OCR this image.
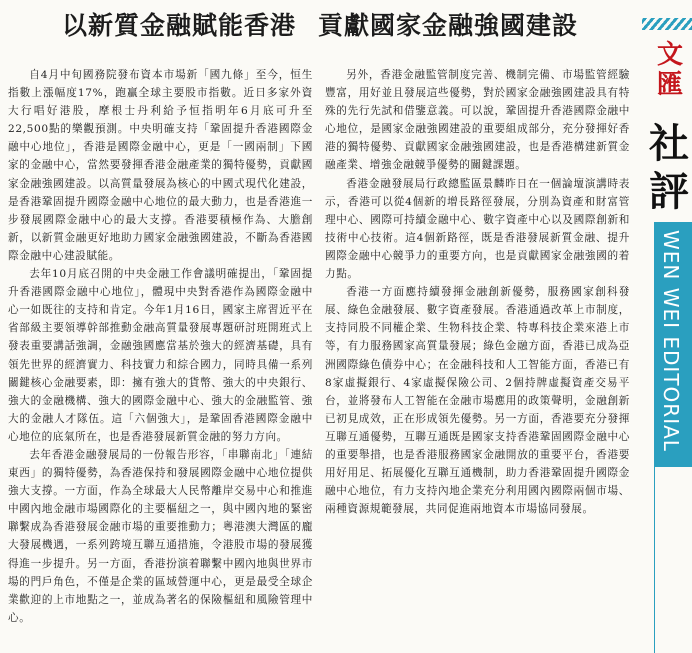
以新質金融賦能香港 貢獻國家金融強國建設

自4月中旬國務院發布資本市場新「國九條」至今，恒生指數上漲幅度17%，跑贏全球主要股市指數。近日多家外資大行唱好港股，摩根士丹利給予恒指明年6月底可升至22,500點的樂觀預測。中央明確支持「鞏固提升香港國際金融中心地位」，香港是國際金融中心，更是「一國兩制」下國家的金融中心，當然要發揮香港金融產業的獨特優勢，貢獻國家金融強國建設。以高質量發展為核心的中國式現代化建設，是香港鞏固提升國際金融中心地位的最大動力，也是香港進一步發展國際金融中心的最大支撐。香港要積極作為、大膽創新，以新質金融更好地助力國家金融強國建設，不斷為香港國際金融中心建設賦能。

去年10月底召開的中央金融工作會議明確提出，「鞏固提升香港國際金融中心地位」，體現中央對香港作為國際金融中心一如既往的支持和肯定。今年1月16日，國家主席習近平在省部級主要領導幹部推動金融高質量發展專題研討班開班式上發表重要講話強調，金融強國應當基於強大的經濟基礎，具有領先世界的經濟實力、科技實力和綜合國力，同時具備一系列關鍵核心金融要素，即：擁有強大的貨幣、強大的中央銀行、強大的金融機構、強大的國際金融中心、強大的金融監管、強大的金融人才隊伍。這「六個強大」，是鞏固香港國際金融中心地位的底氣所在，也是香港發展新質金融的努力方向。

去年香港金融發展局的一份報告形容，「串聯南北」「連結東西」的獨特優勢，為香港保持和發展國際金融中心地位提供強大支撐。一方面，作為全球最大人民幣離岸交易中心和推進中國內地金融市場國際化的主要樞紐之一，與中國內地的緊密聯繫成為香港發展金融市場的重要推動力；粵港澳大灣區的龐大發展機遇，一系列跨境互聯互通措施，令港股市場的發展獲得進一步提升。另一方面，香港扮演着聯繫中國內地與世界市場的門戶角色，不僅是企業的區域營運中心，更是最受全球企業歡迎的上市地點之一，並成為著名的保險樞紐和風險管理中心。

另外，香港金融監管制度完善、機制完備、市場監管經驗豐富，用好並且發展這些優勢，對於國家金融強國建設具有特殊的先行先試和借鑒意義。可以說，鞏固提升香港國際金融中心地位，是國家金融強國建設的重要組成部分，充分發揮好香港的獨特優勢、貢獻國家金融強國建設，也是香港構建新質金融產業、增強金融競爭優勢的關鍵課題。

香港金融發展局行政總監區景麟昨日在一個論壇演講時表示，香港可以從4個新的增長路徑發展，分別為資產和財富管理中心、國際可持續金融中心、數字資產中心以及國際創新和技術中心技術。這4個新路徑，既是香港發展新質金融、提升國際金融中心競爭力的重要方向，也是貢獻國家金融強國的着力點。

香港一方面應持續發揮金融創新優勢，服務國家創科發展、綠色金融發展、數字資產發展。香港通過改革上市制度，支持同股不同權企業、生物科技企業、特專科技企業來港上市等，有力服務國家高質量發展；綠色金融方面，香港已成為亞洲國際綠色債券中心；在金融科技和人工智能方面，香港已有8家虛擬銀行、4家虛擬保險公司、2個持牌虛擬資產交易平台，並將發布人工智能在金融市場應用的政策聲明，金融創新已初見成效，正在形成領先優勢。另一方面，香港要充分發揮互聯互通優勢，互聯互通既是國家支持香港鞏固國際金融中心的重要舉措，也是香港服務國家金融開放的重要平台，香港要用好用足、拓展優化互聯互通機制，助力香港鞏固提升國際金融中心地位，有力支持內地企業充分利用國內國際兩個市場、兩種資源規範發展，共同促進兩地資本市場協同發展。

文
匯
社
評
WEN WEI EDITORIAL
